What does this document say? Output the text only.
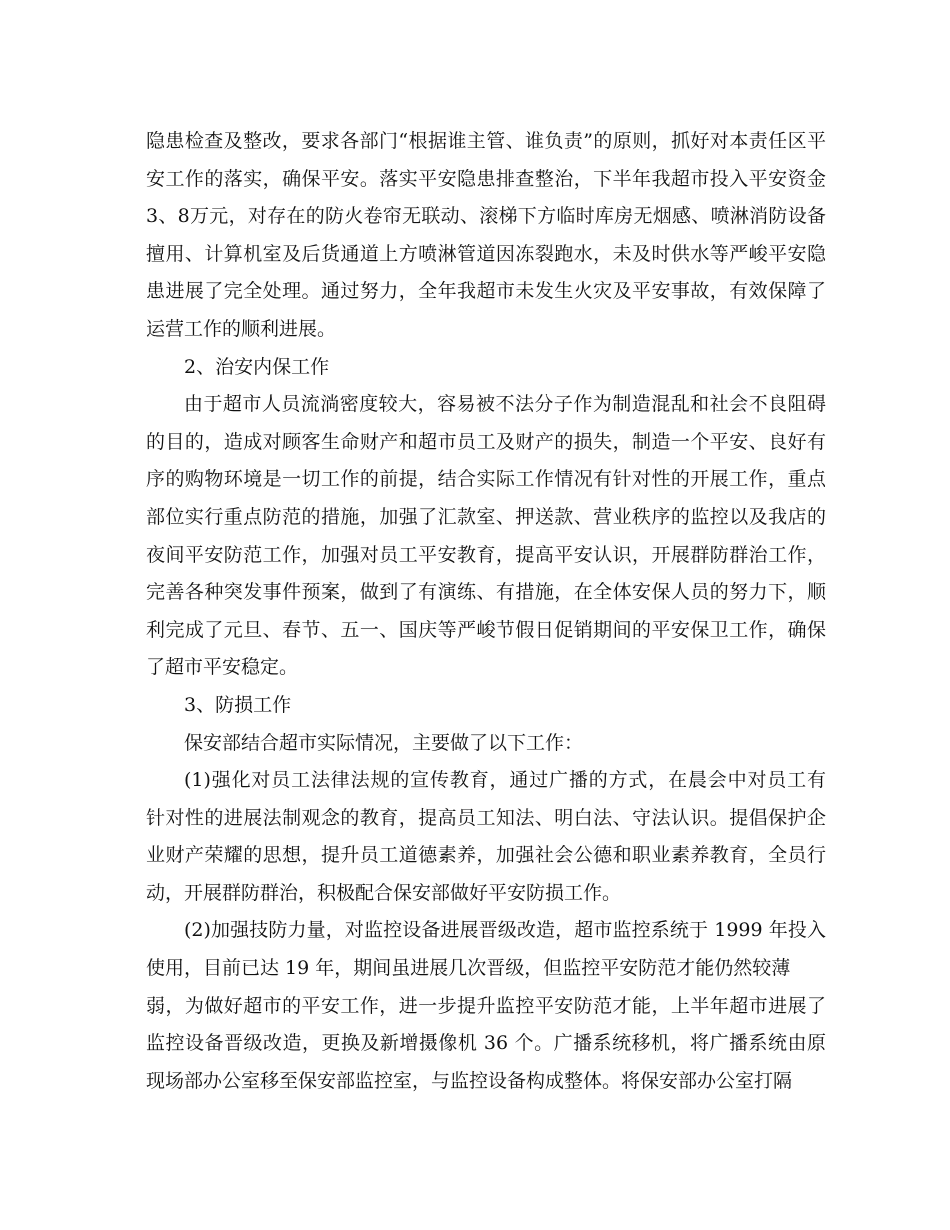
隐患检查及整改，要求各部门“根据谁主管、谁负责”的原则，抓好对本责任区平
安工作的落实，确保平安。落实平安隐患排查整治，下半年我超市投入平安资金
3、8万元，对存在的防火卷帘无联动、滚梯下方临时库房无烟感、喷淋消防设备
擅用、计算机室及后货通道上方喷淋管道因冻裂跑水，未及时供水等严峻平安隐
患进展了完全处理。通过努力，全年我超市未发生火灾及平安事故，有效保障了
运营工作的顺利进展。
2、治安内保工作
由于超市人员流淌密度较大，容易被不法分子作为制造混乱和社会不良阻碍
的目的，造成对顾客生命财产和超市员工及财产的损失，制造一个平安、良好有
序的购物环境是一切工作的前提，结合实际工作情况有针对性的开展工作，重点
部位实行重点防范的措施，加强了汇款室、押送款、营业秩序的监控以及我店的
夜间平安防范工作，加强对员工平安教育，提高平安认识，开展群防群治工作，
完善各种突发事件预案，做到了有演练、有措施，在全体安保人员的努力下，顺
利完成了元旦、春节、五一、国庆等严峻节假日促销期间的平安保卫工作，确保
了超市平安稳定。
3、防损工作
保安部结合超市实际情况，主要做了以下工作：
(1)强化对员工法律法规的宣传教育，通过广播的方式，在晨会中对员工有
针对性的进展法制观念的教育，提高员工知法、明白法、守法认识。提倡保护企
业财产荣耀的思想，提升员工道德素养，加强社会公德和职业素养教育，全员行
动，开展群防群治，积极配合保安部做好平安防损工作。
(2)加强技防力量，对监控设备进展晋级改造，超市监控系统于 1999 年投入
使用，目前已达 19 年，期间虽进展几次晋级，但监控平安防范才能仍然较薄
弱，为做好超市的平安工作，进一步提升监控平安防范才能，上半年超市进展了
监控设备晋级改造，更换及新增摄像机 36 个。广播系统移机，将广播系统由原
现场部办公室移至保安部监控室，与监控设备构成整体。将保安部办公室打隔
